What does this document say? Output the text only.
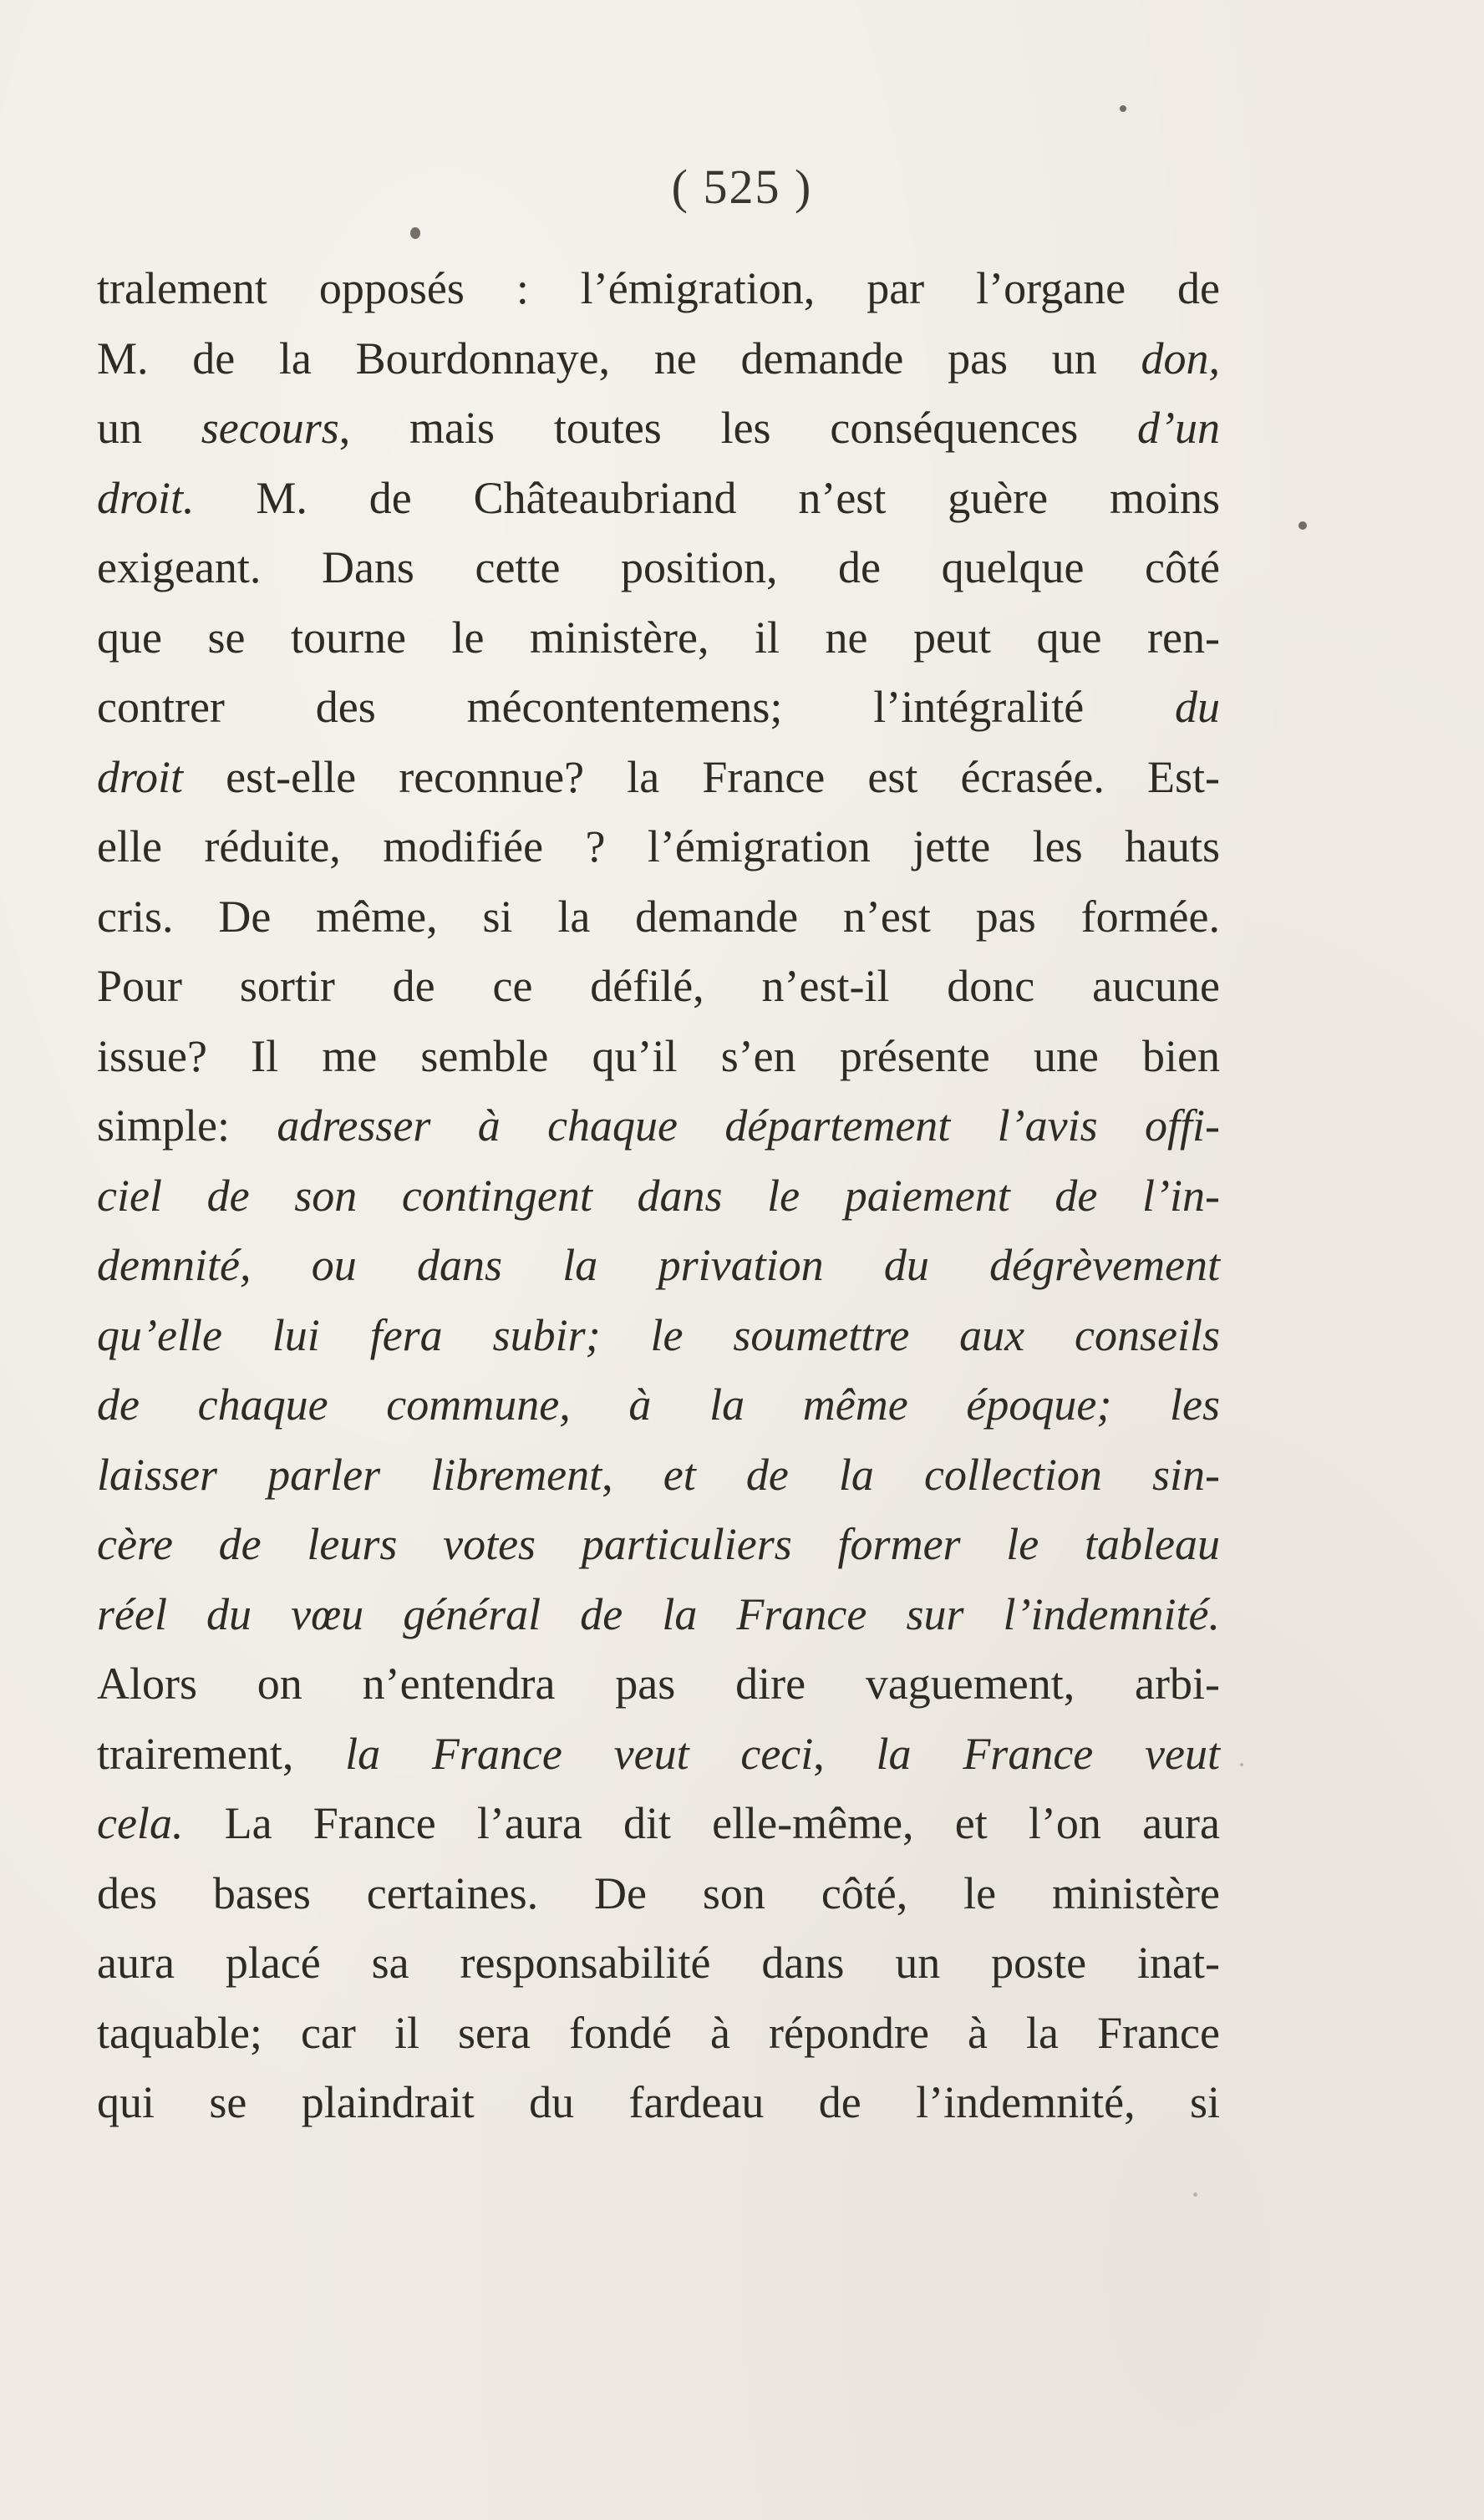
( 525 )
tralement opposés : l’émigration, par l’organe de
M. de la Bourdonnaye, ne demande pas un don,
un secours, mais toutes les conséquences d’un
droit. M. de Châteaubriand n’est guère moins
exigeant. Dans cette position, de quelque côté
que se tourne le ministère, il ne peut que ren-
contrer des mécontentemens; l’intégralité du
droit est-elle reconnue? la France est écrasée. Est-
elle réduite, modifiée ? l’émigration jette les hauts
cris. De même, si la demande n’est pas formée.
Pour sortir de ce défilé, n’est-il donc aucune
issue? Il me semble qu’il s’en présente une bien
simple: adresser à chaque département l’avis offi-
ciel de son contingent dans le paiement de l’in-
demnité, ou dans la privation du dégrèvement
qu’elle lui fera subir; le soumettre aux conseils
de chaque commune, à la même époque; les
laisser parler librement, et de la collection sin-
cère de leurs votes particuliers former le tableau
réel du vœu général de la France sur l’indemnité.
Alors on n’entendra pas dire vaguement, arbi-
trairement, la France veut ceci, la France veut
cela. La France l’aura dit elle-même, et l’on aura
des bases certaines. De son côté, le ministère
aura placé sa responsabilité dans un poste inat-
taquable; car il sera fondé à répondre à la France
qui se plaindrait du fardeau de l’indemnité, si
